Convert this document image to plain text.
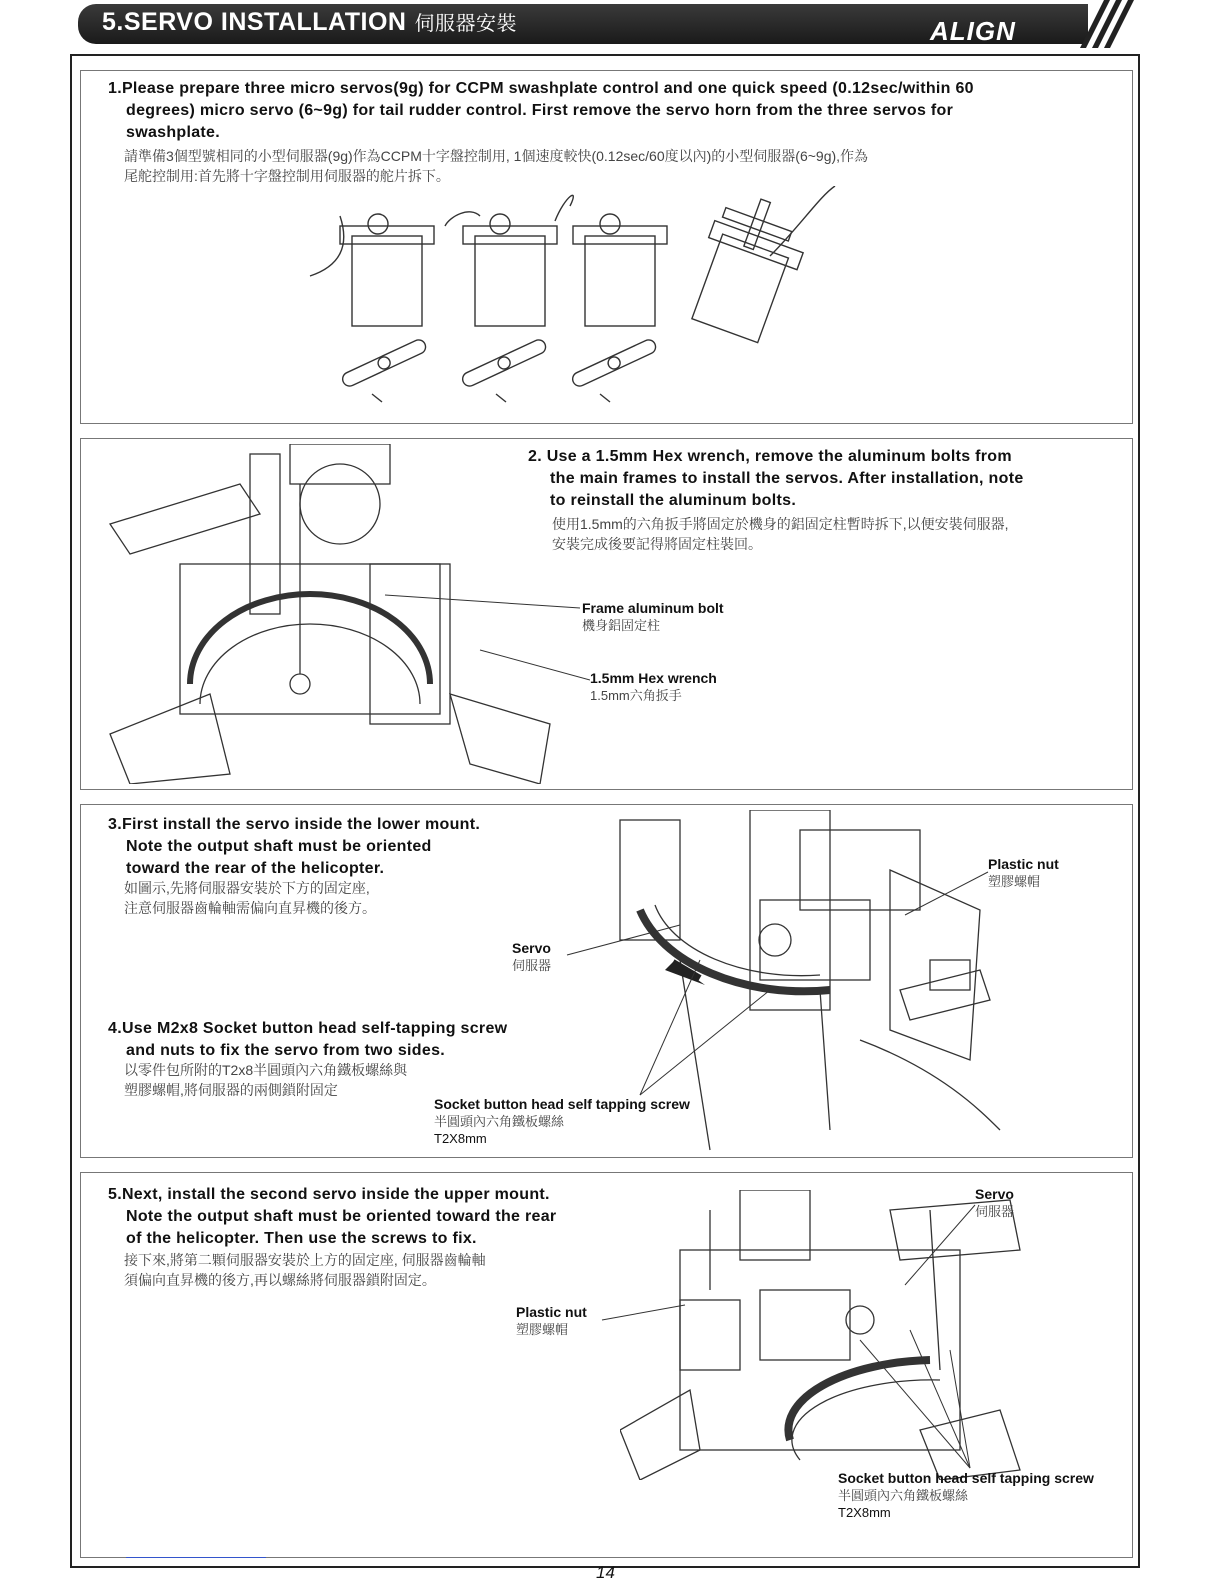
5.SERVO INSTALLATION 伺服器安裝	ALIGN
1.Please prepare three micro servos(9g) for CCPM swashplate control and one quick speed (0.12sec/within 60
degrees) micro servo (6~9g) for tail rudder control. First remove the servo horn from the three servos for
swashplate.
請準備3個型號相同的小型伺服器(9g)作為CCPM十字盤控制用, 1個速度較快(0.12sec/60度以內)的小型伺服器(6~9g),作為
尾舵控制用:首先將十字盤控制用伺服器的舵片拆下。
2. Use a 1.5mm Hex wrench, remove the aluminum bolts from
the main frames to install the servos. After installation, note
to reinstall the aluminum bolts.
使用1.5mm的六角扳手將固定於機身的鋁固定柱暫時拆下,以便安裝伺服器,
安裝完成後要記得將固定柱裝回。
Frame aluminum bolt
機身鋁固定柱
1.5mm Hex wrench
1.5mm六角扳手
3.First install the servo inside the lower mount.
Note the output shaft must be oriented
toward the rear of the helicopter.
如圖示,先將伺服器安裝於下方的固定座,
注意伺服器齒輪軸需偏向直昇機的後方。
Servo
伺服器
Plastic nut
塑膠螺帽
4.Use M2x8 Socket button head self-tapping screw
and nuts to fix the servo from two sides.
以零件包所附的T2x8半圓頭內六角鐵板螺絲與
塑膠螺帽,將伺服器的兩側鎖附固定
Socket button head self tapping screw
半圓頭內六角鐵板螺絲
T2X8mm
5.Next, install the second servo inside the upper mount.
Note the output shaft must be oriented toward the rear
of the helicopter. Then use the screws to fix.
接下來,將第二顆伺服器安裝於上方的固定座, 伺服器齒輪軸
須偏向直昇機的後方,再以螺絲將伺服器鎖附固定。
Servo
伺服器
Plastic nut
塑膠螺帽
Socket button head self tapping screw
半圓頭內六角鐵板螺絲
T2X8mm
14
